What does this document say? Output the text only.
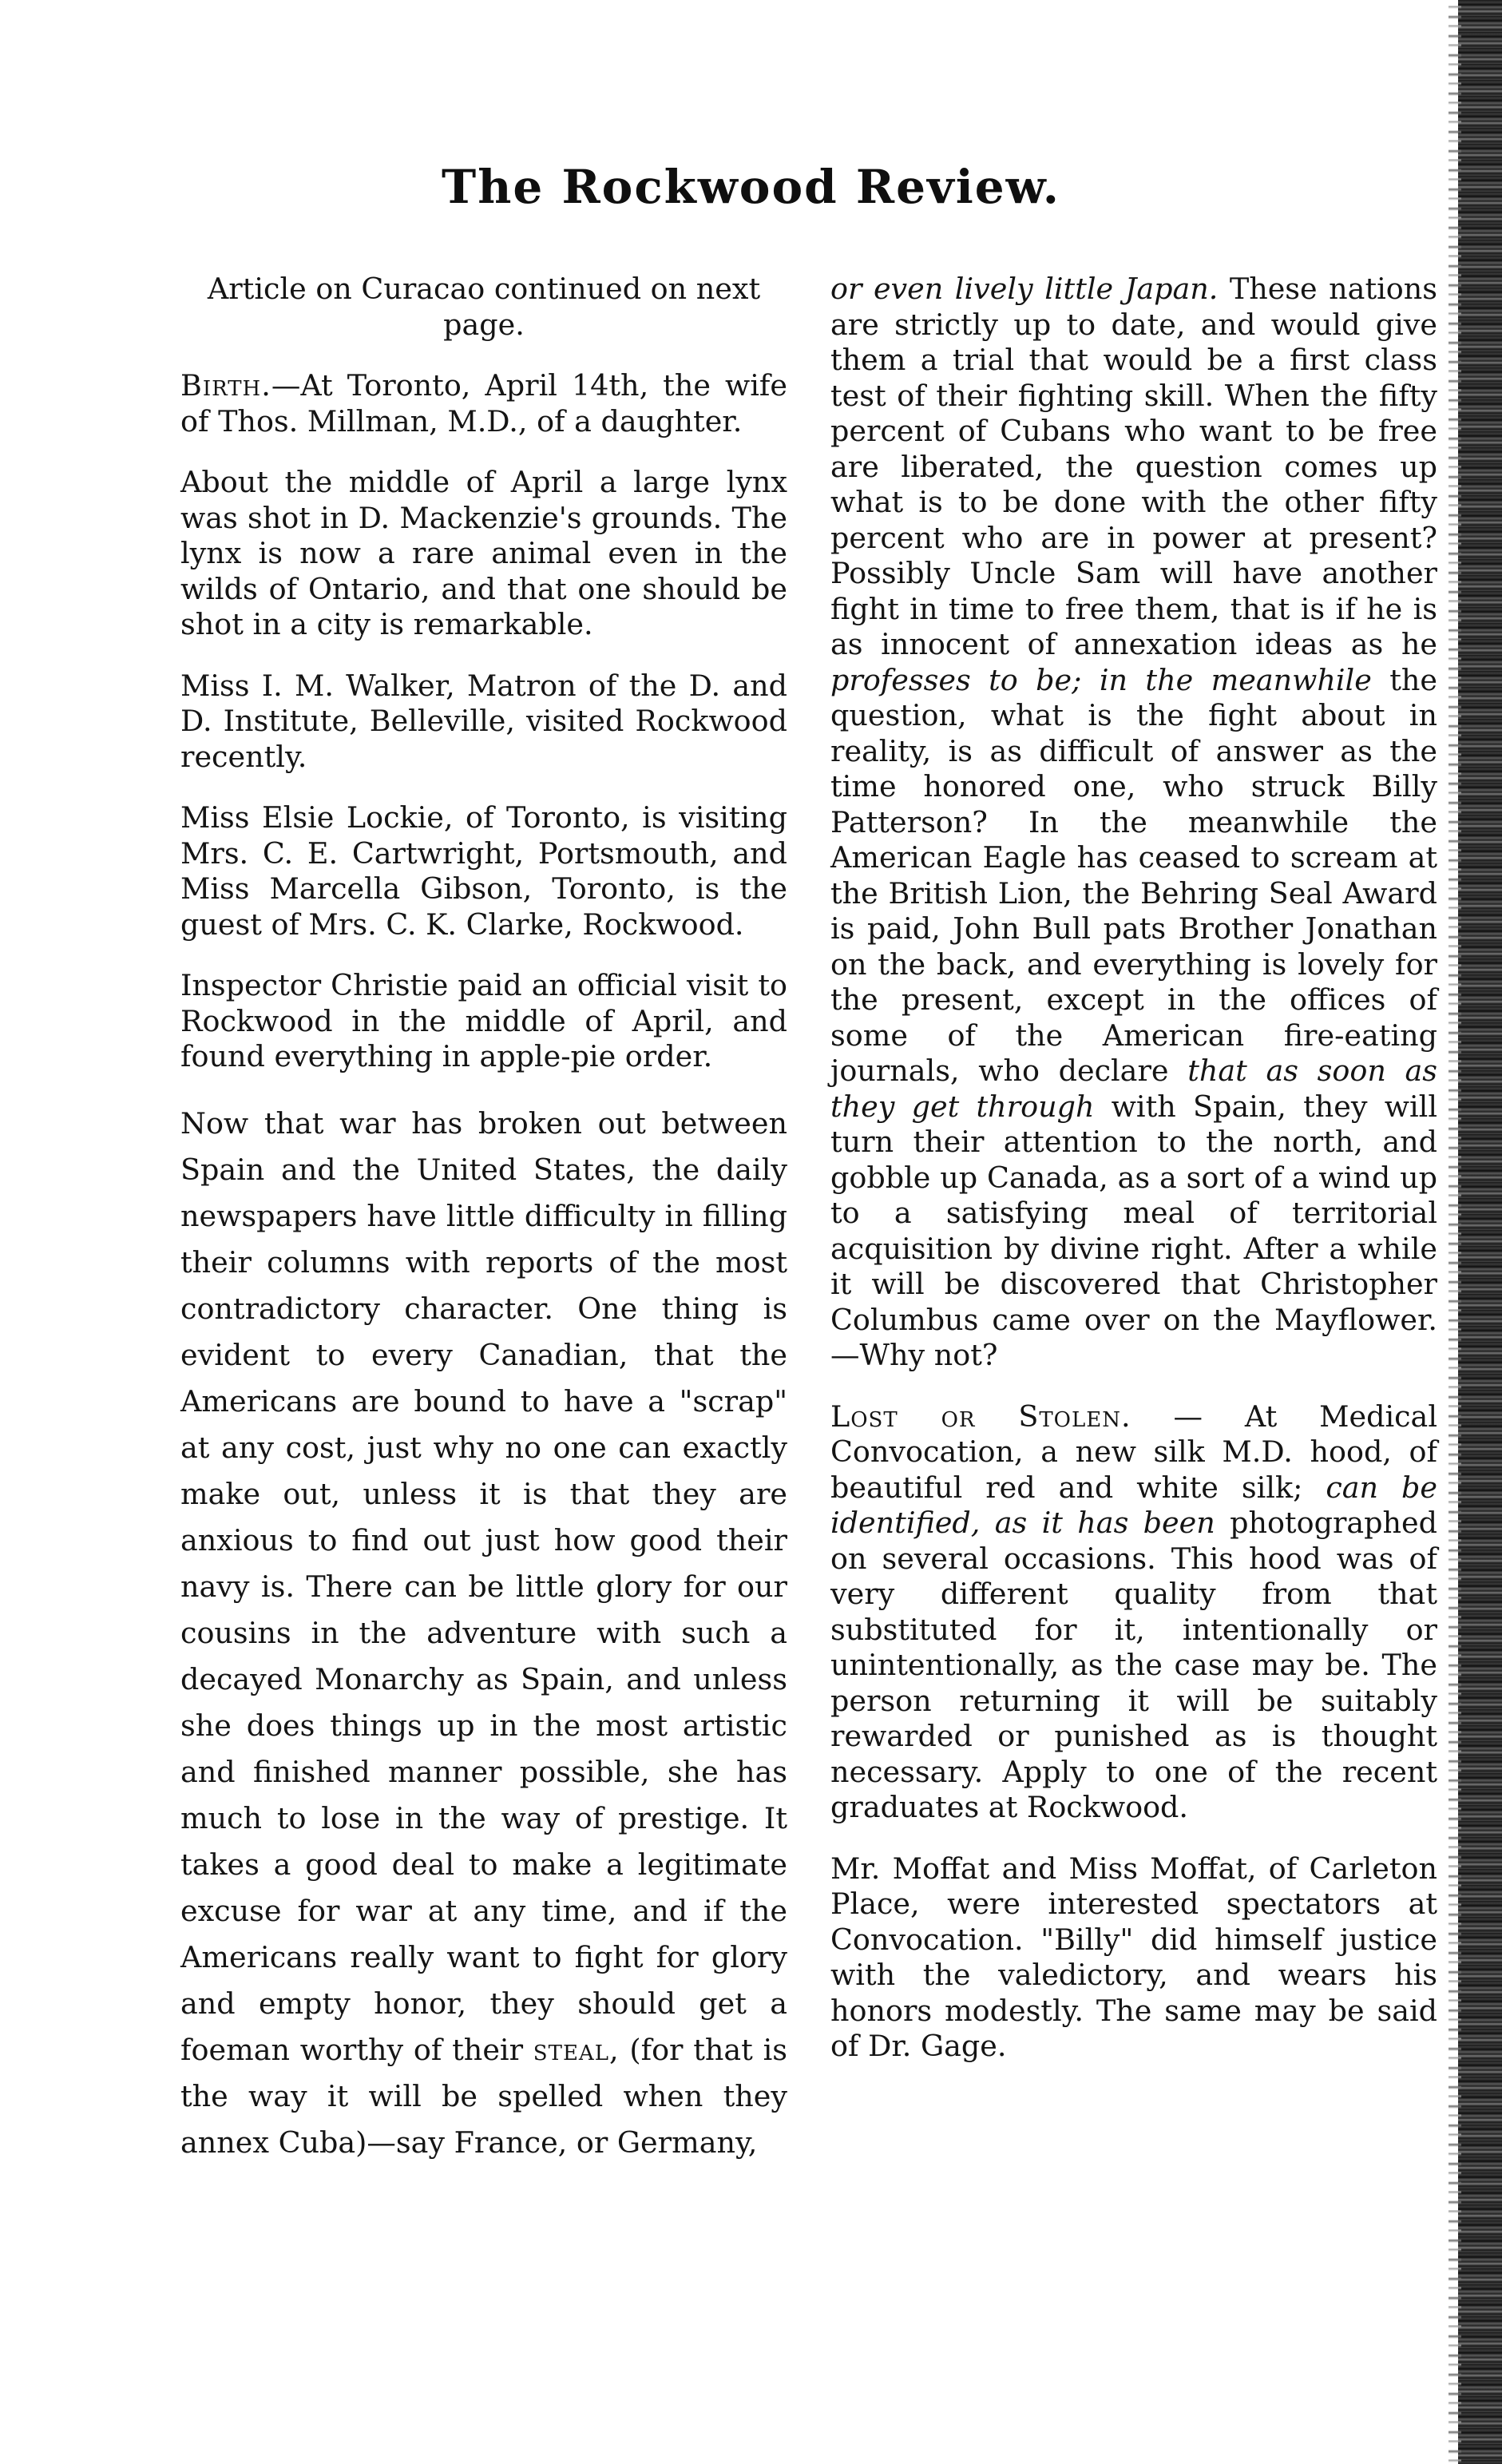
The Rockwood Review.

Article on Curacao continued on next page.

Birth.—At Toronto, April 14th, the wife of Thos. Millman, M.D., of a daughter.

About the middle of April a large lynx was shot in D. Mackenzie's grounds. The lynx is now a rare animal even in the wilds of Ontario, and that one should be shot in a city is remarkable.

Miss I. M. Walker, Matron of the D. and D. Institute, Belleville, visited Rockwood recently.

Miss Elsie Lockie, of Toronto, is visiting Mrs. C. E. Cartwright, Portsmouth, and Miss Marcella Gibson, Toronto, is the guest of Mrs. C. K. Clarke, Rockwood.

Inspector Christie paid an official visit to Rockwood in the middle of April, and found everything in apple-pie order.

Now that war has broken out between Spain and the United States, the daily newspapers have little difficulty in filling their columns with reports of the most contradictory character. One thing is evident to every Canadian, that the Americans are bound to have a "scrap" at any cost, just why no one can exactly make out, unless it is that they are anxious to find out just how good their navy is. There can be little glory for our cousins in the adventure with such a decayed Monarchy as Spain, and unless she does things up in the most artistic and finished manner possible, she has much to lose in the way of prestige. It takes a good deal to make a legitimate excuse for war at any time, and if the Americans really want to fight for glory and empty honor, they should get a foeman worthy of their steal, (for that is the way it will be spelled when they annex Cuba)—say France, or Germany,

or even lively little Japan. These nations are strictly up to date, and would give them a trial that would be a first class test of their fighting skill. When the fifty percent of Cubans who want to be free are liberated, the question comes up what is to be done with the other fifty percent who are in power at present? Possibly Uncle Sam will have another fight in time to free them, that is if he is as innocent of annexation ideas as he professes to be; in the meanwhile the question, what is the fight about in reality, is as difficult of answer as the time honored one, who struck Billy Patterson? In the meanwhile the American Eagle has ceased to scream at the British Lion, the Behring Seal Award is paid, John Bull pats Brother Jonathan on the back, and everything is lovely for the present, except in the offices of some of the American fire-eating journals, who declare that as soon as they get through with Spain, they will turn their attention to the north, and gobble up Canada, as a sort of a wind up to a satisfying meal of territorial acquisition by divine right. After a while it will be discovered that Christopher Columbus came over on the Mayflower.—Why not?

Lost or Stolen. — At Medical Convocation, a new silk M.D. hood, of beautiful red and white silk; can be identified, as it has been photographed on several occasions. This hood was of very different quality from that substituted for it, intentionally or unintentionally, as the case may be. The person returning it will be suitably rewarded or punished as is thought necessary. Apply to one of the recent graduates at Rockwood.

Mr. Moffat and Miss Moffat, of Carleton Place, were interested spectators at Convocation. "Billy" did himself justice with the valedictory, and wears his honors modestly. The same may be said of Dr. Gage.
